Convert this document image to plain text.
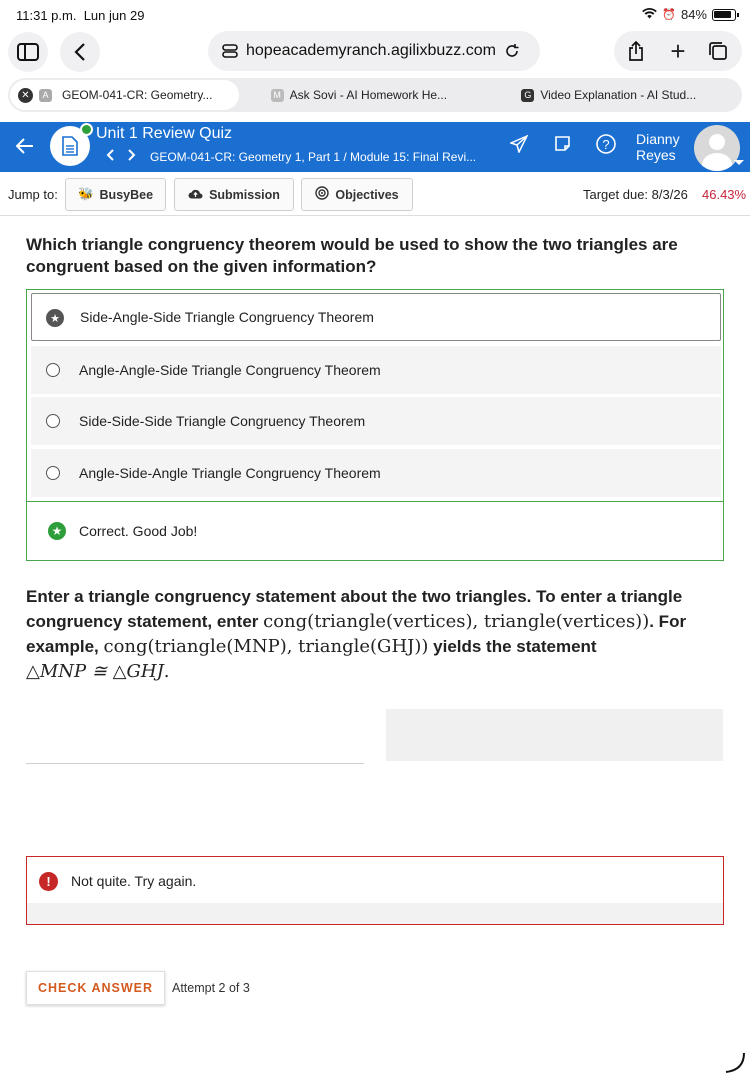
11:31 p.m. Lun jun 29	⏰ 84%
hopeacademyranch.agilixbuzz.com	+
✕	A GEOM-041-CR: Geometry...	M Ask Sovi - AI Homework He...	G Video Explanation - AI Stud...
Unit 1 Review Quiz
GEOM-041-CR: Geometry 1, Part 1 / Module 15: Final Revi...
? Dianny
Reyes
Jump to: 🐝 BusyBee	Submission	Objectives	Target due: 8/3/26 46.43%
Which triangle congruency theorem would be used to show the two triangles are congruent based on the given information?
★ Side-Angle-Side Triangle Congruency Theorem
Angle-Angle-Side Triangle Congruency Theorem
Side-Side-Side Triangle Congruency Theorem
Angle-Side-Angle Triangle Congruency Theorem
★ Correct. Good Job!
Enter a triangle congruency statement about the two triangles. To enter a triangle congruency statement, enter cong(triangle(vertices), triangle(vertices)). For example, cong(triangle(MNP), triangle(GHJ)) yields the statement
△MNP ≅ △GHJ.
!	Not quite. Try again.
CHECK ANSWER	Attempt 2 of 3
